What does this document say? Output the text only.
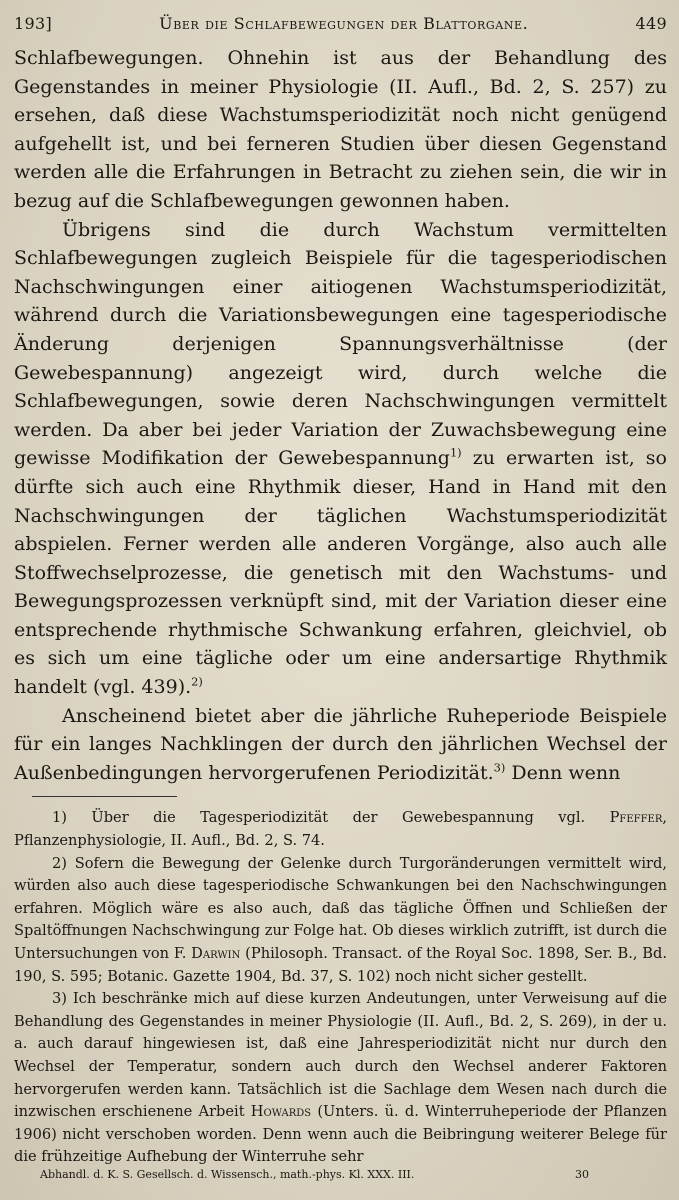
193]	Über die Schlafbewegungen der Blattorgane.	449

Schlafbewegungen. Ohnehin ist aus der Behandlung des Gegenstandes in meiner Physiologie (II. Aufl., Bd. 2, S. 257) zu ersehen, daß diese Wachstumsperiodizität noch nicht genügend aufgehellt ist, und bei ferneren Studien über diesen Gegenstand werden alle die Erfahrungen in Betracht zu ziehen sein, die wir in bezug auf die Schlafbewegungen gewonnen haben.

Übrigens sind die durch Wachstum vermittelten Schlafbewegungen zugleich Beispiele für die tagesperiodischen Nachschwingungen einer aitiogenen Wachstumsperiodizität, während durch die Variationsbewegungen eine tagesperiodische Änderung derjenigen Spannungsverhältnisse (der Gewebespannung) angezeigt wird, durch welche die Schlafbewegungen, sowie deren Nachschwingungen vermittelt werden. Da aber bei jeder Variation der Zuwachsbewegung eine gewisse Modifikation der Gewebespannung$^{1)}$ zu erwarten ist, so dürfte sich auch eine Rhythmik dieser, Hand in Hand mit den Nachschwingungen der täglichen Wachstumsperiodizität abspielen. Ferner werden alle anderen Vorgänge, also auch alle Stoffwechselprozesse, die genetisch mit den Wachstums- und Bewegungsprozessen verknüpft sind, mit der Variation dieser eine entsprechende rhythmische Schwankung erfahren, gleichviel, ob es sich um eine tägliche oder um eine andersartige Rhythmik handelt (vgl. 439).$^{2)}$

Anscheinend bietet aber die jährliche Ruheperiode Beispiele für ein langes Nachklingen der durch den jährlichen Wechsel der Außenbedingungen hervorgerufenen Periodizität.$^{3)}$ Denn wenn

1) Über die Tagesperiodizität der Gewebespannung vgl. Pfeffer, Pflanzenphysiologie, II. Aufl., Bd. 2, S. 74.

2) Sofern die Bewegung der Gelenke durch Turgoränderungen vermittelt wird, würden also auch diese tagesperiodische Schwankungen bei den Nachschwingungen erfahren. Möglich wäre es also auch, daß das tägliche Öffnen und Schließen der Spaltöffnungen Nachschwingung zur Folge hat. Ob dieses wirklich zutrifft, ist durch die Untersuchungen von F. Darwin (Philosoph. Transact. of the Royal Soc. 1898, Ser. B., Bd. 190, S. 595; Botanic. Gazette 1904, Bd. 37, S. 102) noch nicht sicher gestellt.

3) Ich beschränke mich auf diese kurzen Andeutungen, unter Verweisung auf die Behandlung des Gegenstandes in meiner Physiologie (II. Aufl., Bd. 2, S. 269), in der u. a. auch darauf hingewiesen ist, daß eine Jahresperiodizität nicht nur durch den Wechsel der Temperatur, sondern auch durch den Wechsel anderer Faktoren hervorgerufen werden kann. Tatsächlich ist die Sachlage dem Wesen nach durch die inzwischen erschienene Arbeit Howards (Unters. ü. d. Winterruheperiode der Pflanzen 1906) nicht verschoben worden. Denn wenn auch die Beibringung weiterer Belege für die frühzeitige Aufhebung der Winterruhe sehr

Abhandl. d. K. S. Gesellsch. d. Wissensch., math.-phys. Kl. XXX. III.	30
